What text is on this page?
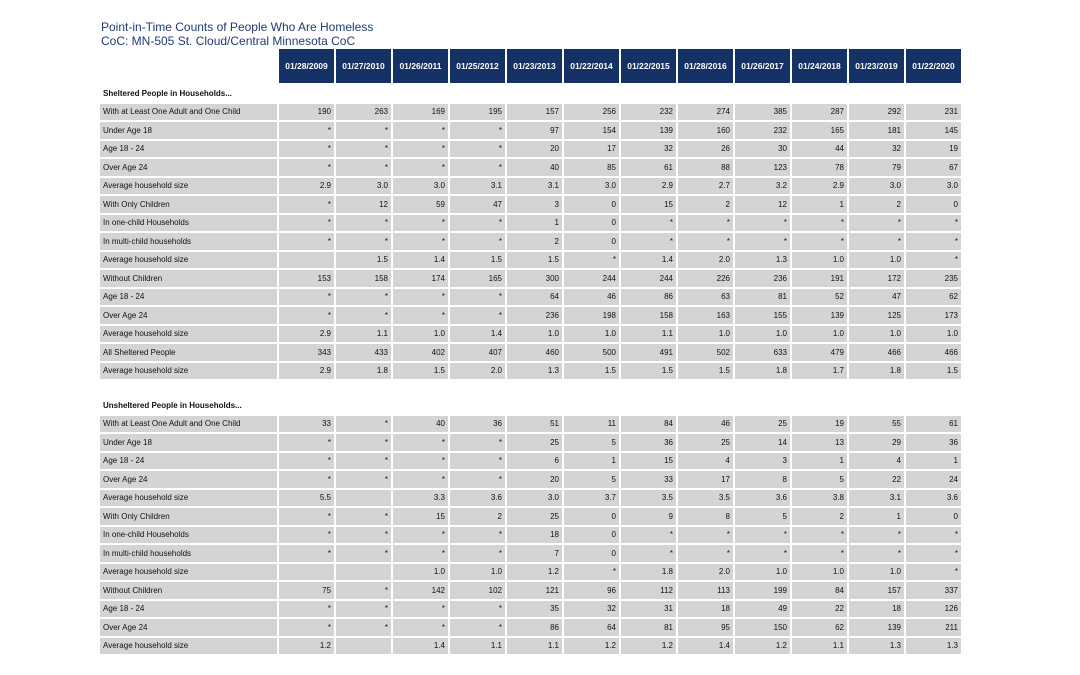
Point-in-Time Counts of People Who Are Homeless
CoC: MN-505 St. Cloud/Central Minnesota CoC
	01/28/2009	01/27/2010	01/26/2011	01/25/2012	01/23/2013	01/22/2014	01/22/2015	01/28/2016	01/26/2017	01/24/2018	01/23/2019	01/22/2020
Sheltered People in Households...												
With at Least One Adult and One Child	190	263	169	195	157	256	232	274	385	287	292	231
Under Age 18	*	*	*	*	97	154	139	160	232	165	181	145
Age 18 - 24	*	*	*	*	20	17	32	26	30	44	32	19
Over Age 24	*	*	*	*	40	85	61	88	123	78	79	67
Average household size	2.9	3.0	3.0	3.1	3.1	3.0	2.9	2.7	3.2	2.9	3.0	3.0
With Only Children	*	12	59	47	3	0	15	2	12	1	2	0
In one-child Households	*	*	*	*	1	0	*	*	*	*	*	*
In multi-child households	*	*	*	*	2	0	*	*	*	*	*	*
Average household size		1.5	1.4	1.5	1.5	*	1.4	2.0	1.3	1.0	1.0	*
Without Children	153	158	174	165	300	244	244	226	236	191	172	235
Age 18 - 24	*	*	*	*	64	46	86	63	81	52	47	62
Over Age 24	*	*	*	*	236	198	158	163	155	139	125	173
Average household size	2.9	1.1	1.0	1.4	1.0	1.0	1.1	1.0	1.0	1.0	1.0	1.0
All Sheltered People	343	433	402	407	460	500	491	502	633	479	466	466
Average household size	2.9	1.8	1.5	2.0	1.3	1.5	1.5	1.5	1.8	1.7	1.8	1.5

Unsheltered People in Households...												
With at Least One Adult and One Child	33	*	40	36	51	11	84	46	25	19	55	61
Under Age 18	*	*	*	*	25	5	36	25	14	13	29	36
Age 18 - 24	*	*	*	*	6	1	15	4	3	1	4	1
Over Age 24	*	*	*	*	20	5	33	17	8	5	22	24
Average household size	5.5		3.3	3.6	3.0	3.7	3.5	3.5	3.6	3.8	3.1	3.6
With Only Children	*	*	15	2	25	0	9	8	5	2	1	0
In one-child Households	*	*	*	*	18	0	*	*	*	*	*	*
In multi-child households	*	*	*	*	7	0	*	*	*	*	*	*
Average household size			1.0	1.0	1.2	*	1.8	2.0	1.0	1.0	1.0	*
Without Children	75	*	142	102	121	96	112	113	199	84	157	337
Age 18 - 24	*	*	*	*	35	32	31	18	49	22	18	126
Over Age 24	*	*	*	*	86	64	81	95	150	62	139	211
Average household size	1.2		1.4	1.1	1.1	1.2	1.2	1.4	1.2	1.1	1.3	1.3
